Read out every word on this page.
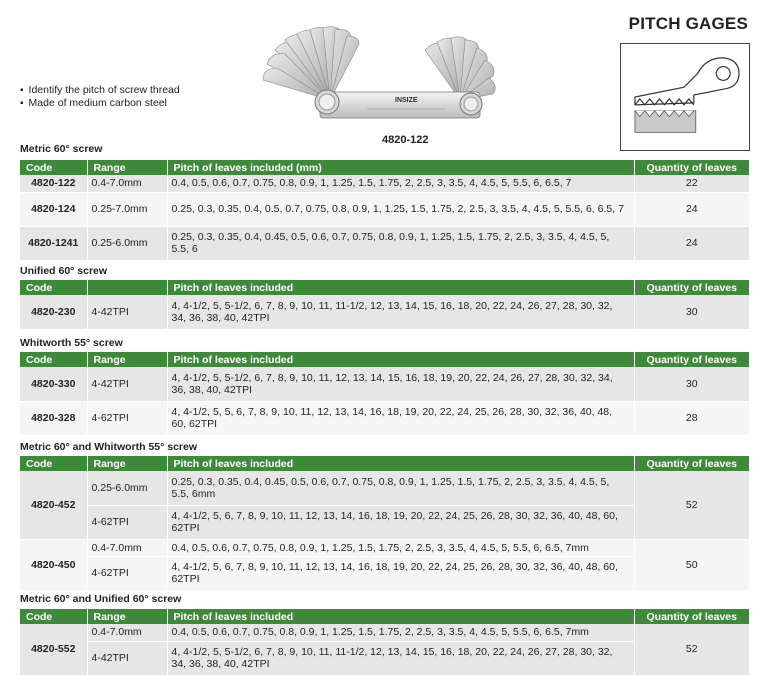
PITCH GAGES
▪ Identify the pitch of screw thread
▪ Made of medium carbon steel	INSIZE
4820-122
Metric 60° screw
Code	Range	Pitch of leaves included (mm)	Quantity of leaves
4820-122	0.4-7.0mm	0.4, 0.5, 0.6, 0.7, 0.75, 0.8, 0.9, 1, 1.25, 1.5, 1.75, 2, 2.5, 3, 3.5, 4, 4.5, 5, 5.5, 6, 6.5, 7	22
4820-124	0.25-7.0mm	0.25, 0.3, 0.35, 0.4, 0.5, 0.7, 0.75, 0.8, 0.9, 1, 1.25, 1.5, 1.75, 2, 2.5, 3, 3.5, 4, 4.5, 5, 5.5, 6, 6.5, 7	24
4820-1241	0.25-6.0mm	0.25, 0.3, 0.35, 0.4, 0.45, 0.5, 0.6, 0.7, 0.75, 0.8, 0.9, 1, 1.25, 1.5, 1.75, 2, 2.5, 3, 3.5, 4, 4.5, 5, 5.5, 6	24
Unified 60° screw
Code		Pitch of leaves included	Quantity of leaves
4820-230	4-42TPI	4, 4-1/2, 5, 5-1/2, 6, 7, 8, 9, 10, 11, 11-1/2, 12, 13, 14, 15, 16, 18, 20, 22, 24, 26, 27, 28, 30, 32, 34, 36, 38, 40, 42TPI	30
Whitworth 55° screw
Code	Range	Pitch of leaves included	Quantity of leaves
4820-330	4-42TPI	4, 4-1/2, 5, 5-1/2, 6, 7, 8, 9, 10, 11, 12, 13, 14, 15, 16, 18, 19, 20, 22, 24, 26, 27, 28, 30, 32, 34, 36, 38, 40, 42TPI	30
4820-328	4-62TPI	4, 4-1/2, 5, 5, 6, 7, 8, 9, 10, 11, 12, 13, 14, 16, 18, 19, 20, 22, 24, 25, 26, 28, 30, 32, 36, 40, 48, 60, 62TPI	28
Metric 60° and Whitworth 55° screw
Code	Range	Pitch of leaves included	Quantity of leaves
4820-452	0.25-6.0mm	0.25, 0.3, 0.35, 0.4, 0.45, 0.5, 0.6, 0.7, 0.75, 0.8, 0.9, 1, 1.25, 1.5, 1.75, 2, 2.5, 3, 3.5, 4, 4.5, 5, 5.5, 6mm	52
	4-62TPI	4, 4-1/2, 5, 6, 7, 8, 9, 10, 11, 12, 13, 14, 16, 18, 19, 20, 22, 24, 25, 26, 28, 30, 32, 36, 40, 48, 60, 62TPI	
4820-450	0.4-7.0mm	0.4, 0.5, 0.6, 0.7, 0.75, 0.8, 0.9, 1, 1.25, 1.5, 1.75, 2, 2.5, 3, 3.5, 4, 4.5, 5, 5.5, 6, 6.5, 7mm	50
	4-62TPI	4, 4-1/2, 5, 6, 7, 8, 9, 10, 11, 12, 13, 14, 16, 18, 19, 20, 22, 24, 25, 26, 28, 30, 32, 36, 40, 48, 60, 62TPI	
Metric 60° and Unified 60° screw
Code	Range	Pitch of leaves included	Quantity of leaves
4820-552	0.4-7.0mm	0.4, 0.5, 0.6, 0.7, 0.75, 0.8, 0.9, 1, 1.25, 1.5, 1.75, 2, 2.5, 3, 3.5, 4, 4.5, 5, 5.5, 6, 6.5, 7mm	52
	4-42TPI	4, 4-1/2, 5, 5-1/2, 6, 7, 8, 9, 10, 11, 11-1/2, 12, 13, 14, 15, 16, 18, 20, 22, 24, 26, 27, 28, 30, 32, 34, 36, 38, 40, 42TPI	
